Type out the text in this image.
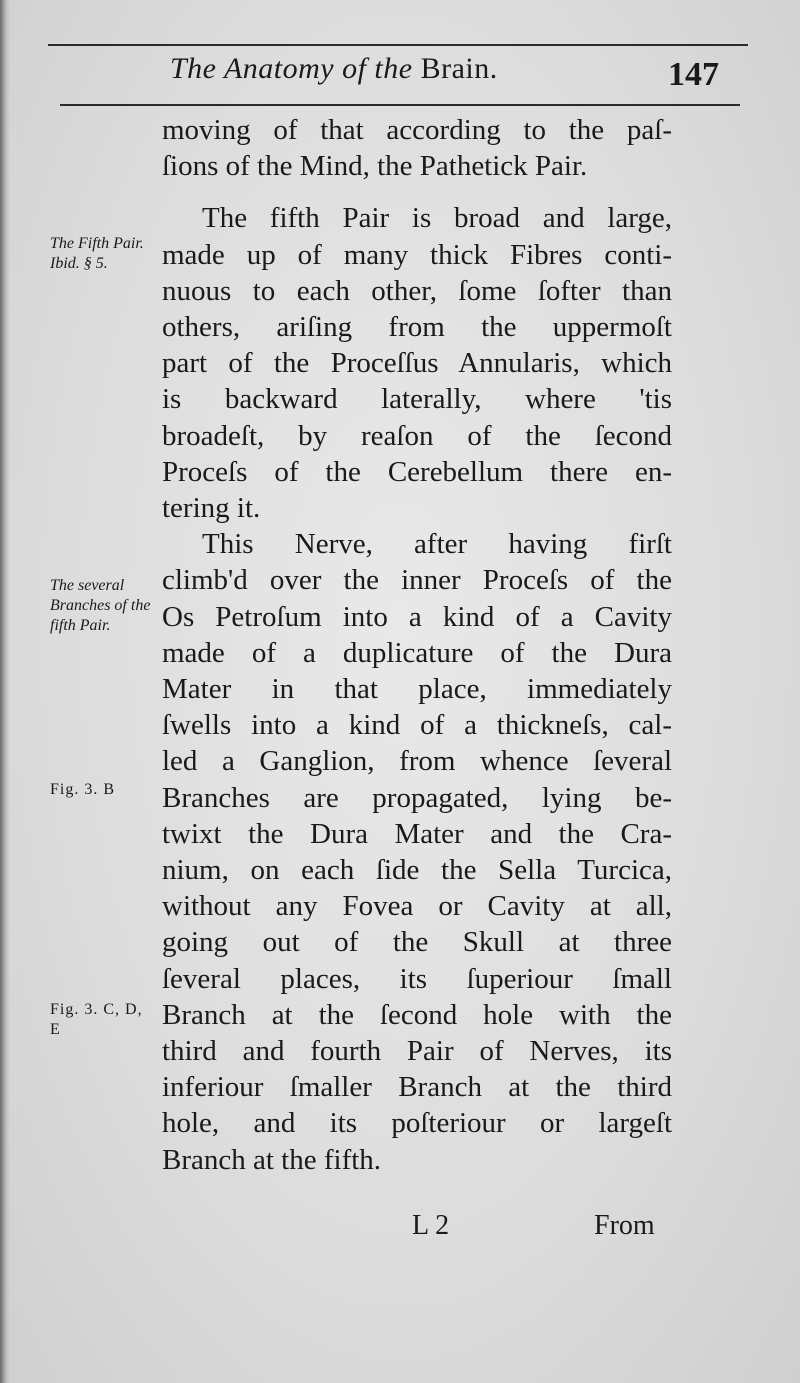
The Anatomy of the Brain.	147
The Fifth Pair. Ibid. § 5.
The several Branches of the fifth Pair.
Fig. 3. B
Fig. 3. C, D, E
moving of that according to the paſ-
ſions of the Mind, the Pathetick Pair.
The fifth Pair is broad and large,
made up of many thick Fibres conti-
nuous to each other, ſome ſofter than
others, ariſing from the uppermoſt
part of the Proceſſus Annularis, which
is backward laterally, where 'tis
broadeſt, by reaſon of the ſecond
Proceſs of the Cerebellum there en-
tering it.
This Nerve, after having firſt
climb'd over the inner Proceſs of the
Os Petroſum into a kind of a Cavity
made of a duplicature of the Dura
Mater in that place, immediately
ſwells into a kind of a thickneſs, cal-
led a Ganglion, from whence ſeveral
Branches are propagated, lying be-
twixt the Dura Mater and the Cra-
nium, on each ſide the Sella Turcica,
without any Fovea or Cavity at all,
going out of the Skull at three
ſeveral places, its ſuperiour ſmall
Branch at the ſecond hole with the
third and fourth Pair of Nerves, its
inferiour ſmaller Branch at the third
hole, and its poſteriour or largeſt
Branch at the fifth.
L 2	From
